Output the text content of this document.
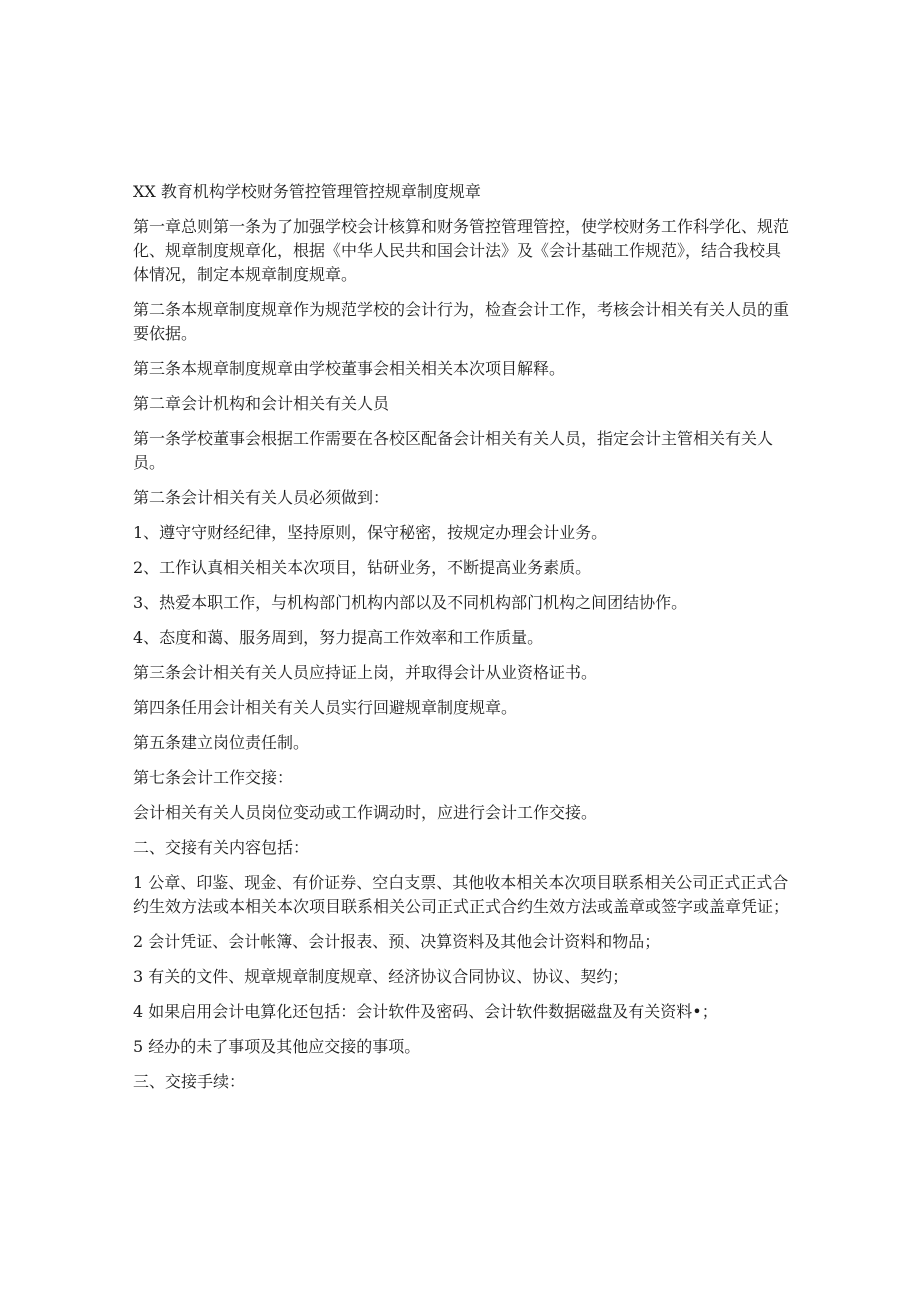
XX 教育机构学校财务管控管理管控规章制度规章

第一章总则第一条为了加强学校会计核算和财务管控管理管控，使学校财务工作科学化、规范化、规章制度规章化，根据《中华人民共和国会计法》及《会计基础工作规范》，结合我校具体情况，制定本规章制度规章。

第二条本规章制度规章作为规范学校的会计行为，检查会计工作，考核会计相关有关人员的重要依据。

第三条本规章制度规章由学校董事会相关相关本次项目解释。

第二章会计机构和会计相关有关人员

第一条学校董事会根据工作需要在各校区配备会计相关有关人员，指定会计主管相关有关人员。

第二条会计相关有关人员必须做到：

1、遵守守财经纪律，坚持原则，保守秘密，按规定办理会计业务。

2、工作认真相关相关本次项目，钻研业务，不断提高业务素质。

3、热爱本职工作，与机构部门机构内部以及不同机构部门机构之间团结协作。

4、态度和蔼、服务周到，努力提高工作效率和工作质量。

第三条会计相关有关人员应持证上岗，并取得会计从业资格证书。

第四条任用会计相关有关人员实行回避规章制度规章。

第五条建立岗位责任制。

第七条会计工作交接：

会计相关有关人员岗位变动或工作调动时，应进行会计工作交接。

二、交接有关内容包括：

1 公章、印鉴、现金、有价证券、空白支票、其他收本相关本次项目联系相关公司正式正式合约生效方法或本相关本次项目联系相关公司正式正式合约生效方法或盖章或签字或盖章凭证；

2 会计凭证、会计帐簿、会计报表、预、决算资料及其他会计资料和物品；

3 有关的文件、规章规章制度规章、经济协议合同协议、协议、契约；

4 如果启用会计电算化还包括：会计软件及密码、会计软件数据磁盘及有关资料•；

5 经办的未了事项及其他应交接的事项。

三、交接手续：
